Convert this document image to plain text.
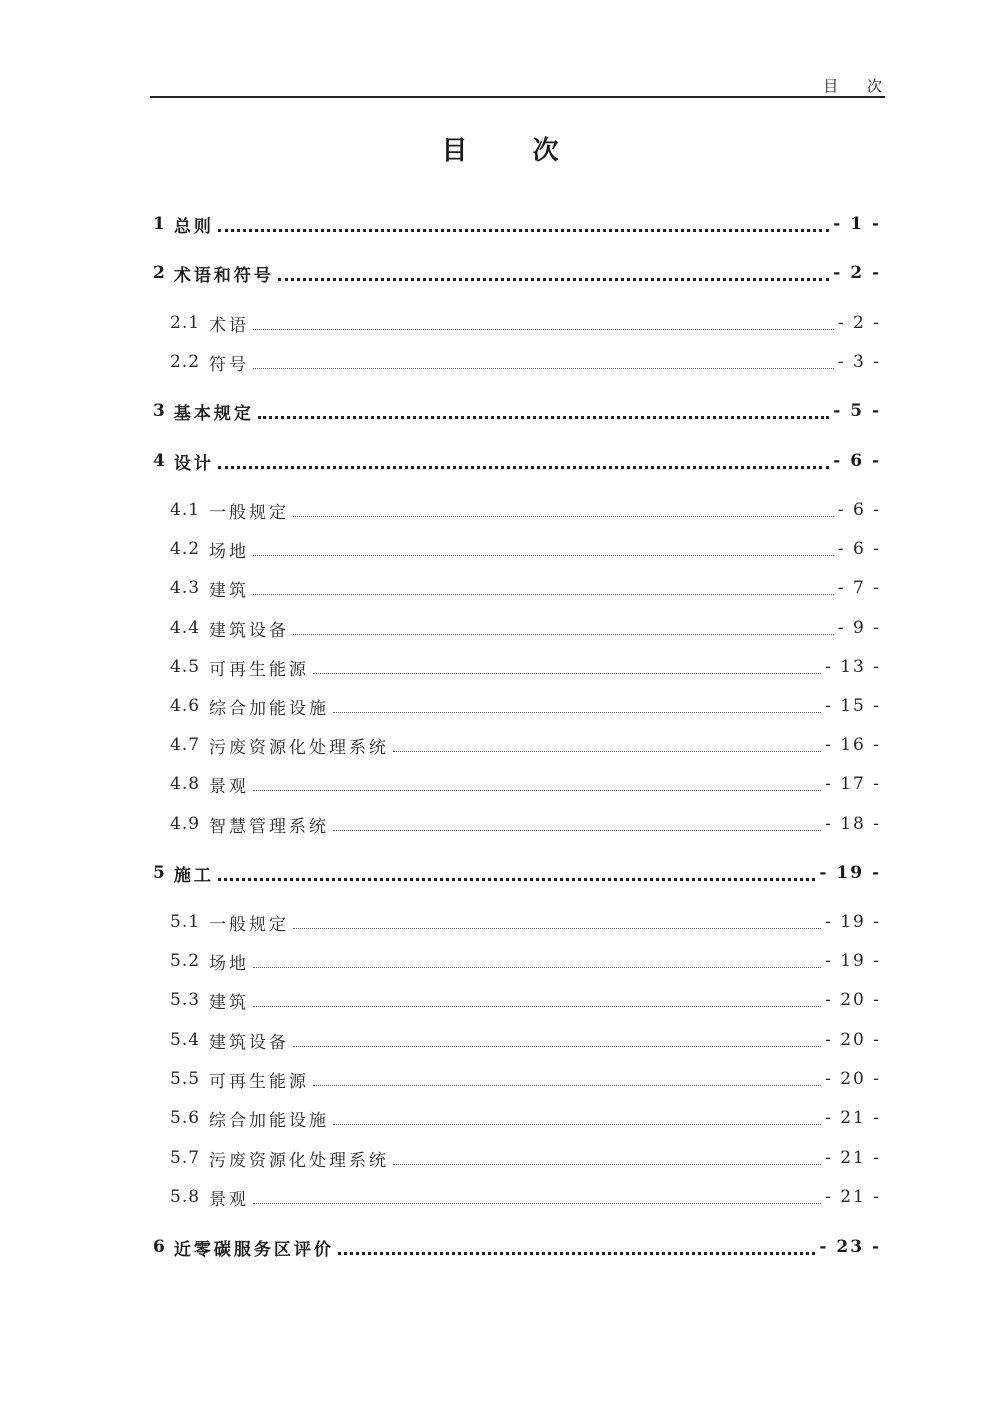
目 次
目 次
1 总则	- 1 -
2 术语和符号	- 2 -
2.1 术语	- 2 -
2.2 符号	- 3 -
3 基本规定	- 5 -
4 设计	- 6 -
4.1 一般规定	- 6 -
4.2 场地	- 6 -
4.3 建筑	- 7 -
4.4 建筑设备	- 9 -
4.5 可再生能源	- 13 -
4.6 综合加能设施	- 15 -
4.7 污废资源化处理系统	- 16 -
4.8 景观	- 17 -
4.9 智慧管理系统	- 18 -
5 施工	- 19 -
5.1 一般规定	- 19 -
5.2 场地	- 19 -
5.3 建筑	- 20 -
5.4 建筑设备	- 20 -
5.5 可再生能源	- 20 -
5.6 综合加能设施	- 21 -
5.7 污废资源化处理系统	- 21 -
5.8 景观	- 21 -
6 近零碳服务区评价	- 23 -
